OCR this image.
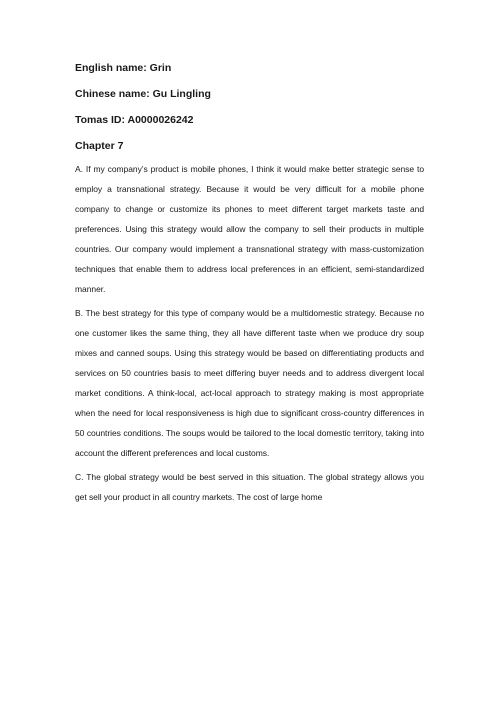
English name: Grin
Chinese name: Gu Lingling
Tomas ID: A0000026242
Chapter 7

A. If my company’s product is mobile phones, I think it would make better strategic sense to employ a transnational strategy. Because it would be very difficult for a mobile phone company to change or customize its phones to meet different target markets taste and preferences. Using this strategy would allow the company to sell their products in multiple countries. Our company would implement a transnational strategy with mass-customization techniques that enable them to address local preferences in an efficient, semi-standardized manner.

B. The best strategy for this type of company would be a multidomestic strategy. Because no one customer likes the same thing, they all have different taste when we produce dry soup mixes and canned soups. Using this strategy would be based on differentiating products and services on 50 countries basis to meet differing buyer needs and to address divergent local market conditions. A think-local, act-local approach to strategy making is most appropriate when the need for local responsiveness is high due to significant cross-country differences in 50 countries conditions. The soups would be tailored to the local domestic territory, taking into account the different preferences and local customs.

C. The global strategy would be best served in this situation. The global strategy allows you get sell your product in all country markets. The cost of large home
